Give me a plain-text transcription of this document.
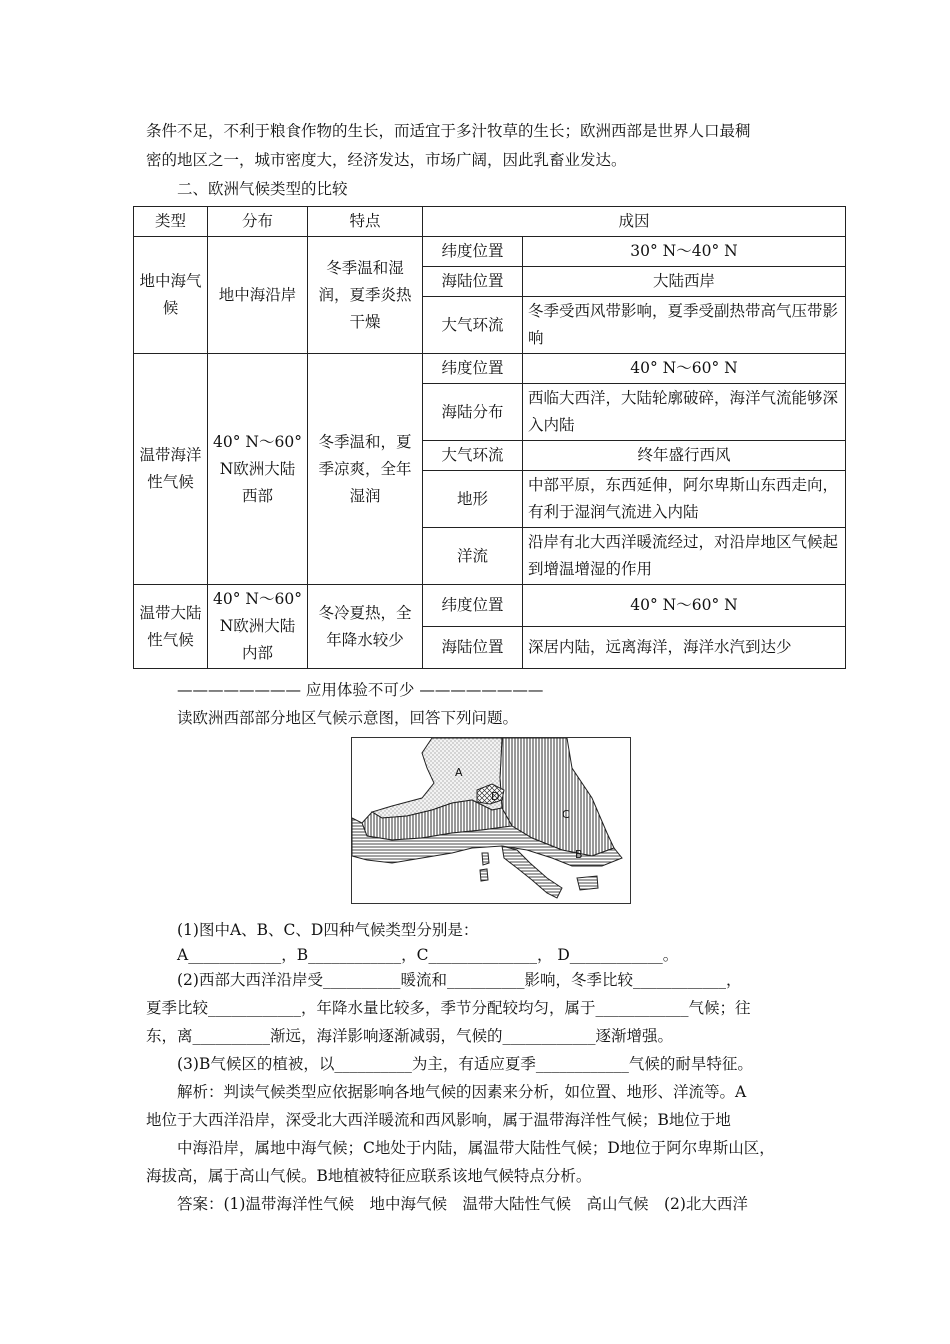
条件不足，不利于粮食作物的生长，而适宜于多汁牧草的生长；欧洲西部是世界人口最稠
密的地区之一，城市密度大，经济发达，市场广阔，因此乳畜业发达。
二、欧洲气候类型的比较
类型	分布	特点	成因	
地中海气候	地中海沿岸	冬季温和湿润，夏季炎热干燥	纬度位置	30° N～40° N
			海陆位置	大陆西岸
			大气环流	冬季受西风带影响，夏季受副热带高气压带影响
温带海洋性气候	40° N～60° N欧洲大陆西部	冬季温和，夏季凉爽，全年湿润	纬度位置	40° N～60° N
			海陆分布	西临大西洋，大陆轮廓破碎，海洋气流能够深入内陆
			大气环流	终年盛行西风
			地形	中部平原，东西延伸，阿尔卑斯山东西走向，有利于湿润气流进入内陆
			洋流	沿岸有北大西洋暖流经过，对沿岸地区气候起到增温增湿的作用
温带大陆性气候	40° N～60° N欧洲大陆内部	冬冷夏热，全年降水较少	纬度位置	40° N～60° N
			海陆位置	深居内陆，远离海洋，海洋水汽到达少
———————— 应用体验不可少 ————————
读欧洲西部部分地区气候示意图，回答下列问题。
A
B
C
D
(1)图中A、B、C、D四种气候类型分别是：
A____________，B____________，C______________， D____________。
(2)西部大西洋沿岸受__________暖流和__________影响，冬季比较____________，
夏季比较____________，年降水量比较多，季节分配较均匀，属于____________气候；往
东，离__________渐远，海洋影响逐渐减弱，气候的____________逐渐增强。
(3)B气候区的植被，以__________为主，有适应夏季____________气候的耐旱特征。
解析：判读气候类型应依据影响各地气候的因素来分析，如位置、地形、洋流等。A
地位于大西洋沿岸，深受北大西洋暖流和西风影响，属于温带海洋性气候；B地位于地
中海沿岸，属地中海气候；C地处于内陆，属温带大陆性气候；D地位于阿尔卑斯山区，
海拔高，属于高山气候。B地植被特征应联系该地气候特点分析。
答案：(1)温带海洋性气候　地中海气候　温带大陆性气候　高山气候　(2)北大西洋
